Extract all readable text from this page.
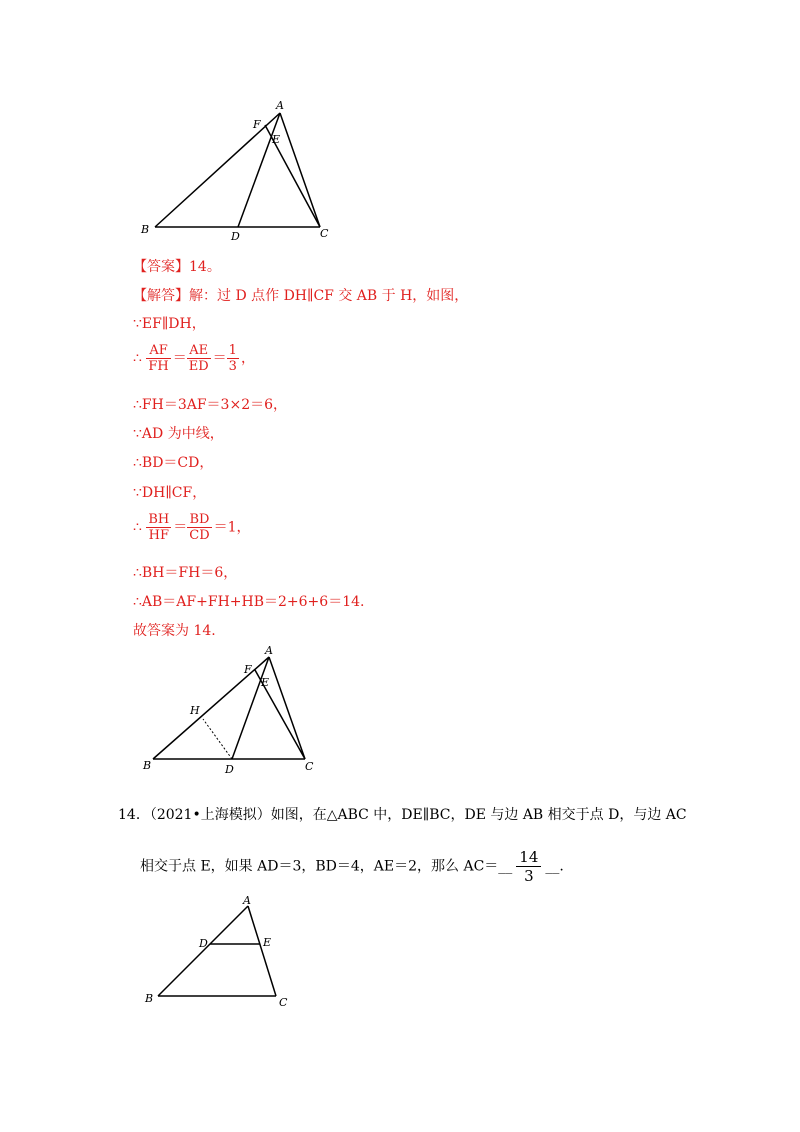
A
F
E
B
D	C
【答案】14。
【解答】解：过 D 点作 DH∥CF 交 AB 于 H，如图，
∵EF∥DH，
∴ $\frac{AF}{FH} = \frac{AE}{ED} = \frac{1}{3}$ ，
∴FH＝3AF＝3×2＝6，
∵AD 为中线，
∴BD＝CD，
∵DH∥CF，
∴ $\frac{BH}{HF} = \frac{BD}{CD} =1$，
∴BH＝FH＝6，
∴AB＝AF+FH+HB＝2+6+6＝14.
故答案为 14.
A
F
E
H
B	D	C
14．（2021•上海模拟）如图，在△ABC 中，DE∥BC，DE 与边 AB 相交于点 D，与边 AC
相交于点 E，如果 AD＝3，BD＝4，AE＝2，那么 AC＝__ $\frac{14}{3}$ __.
A
D	E
B	C
